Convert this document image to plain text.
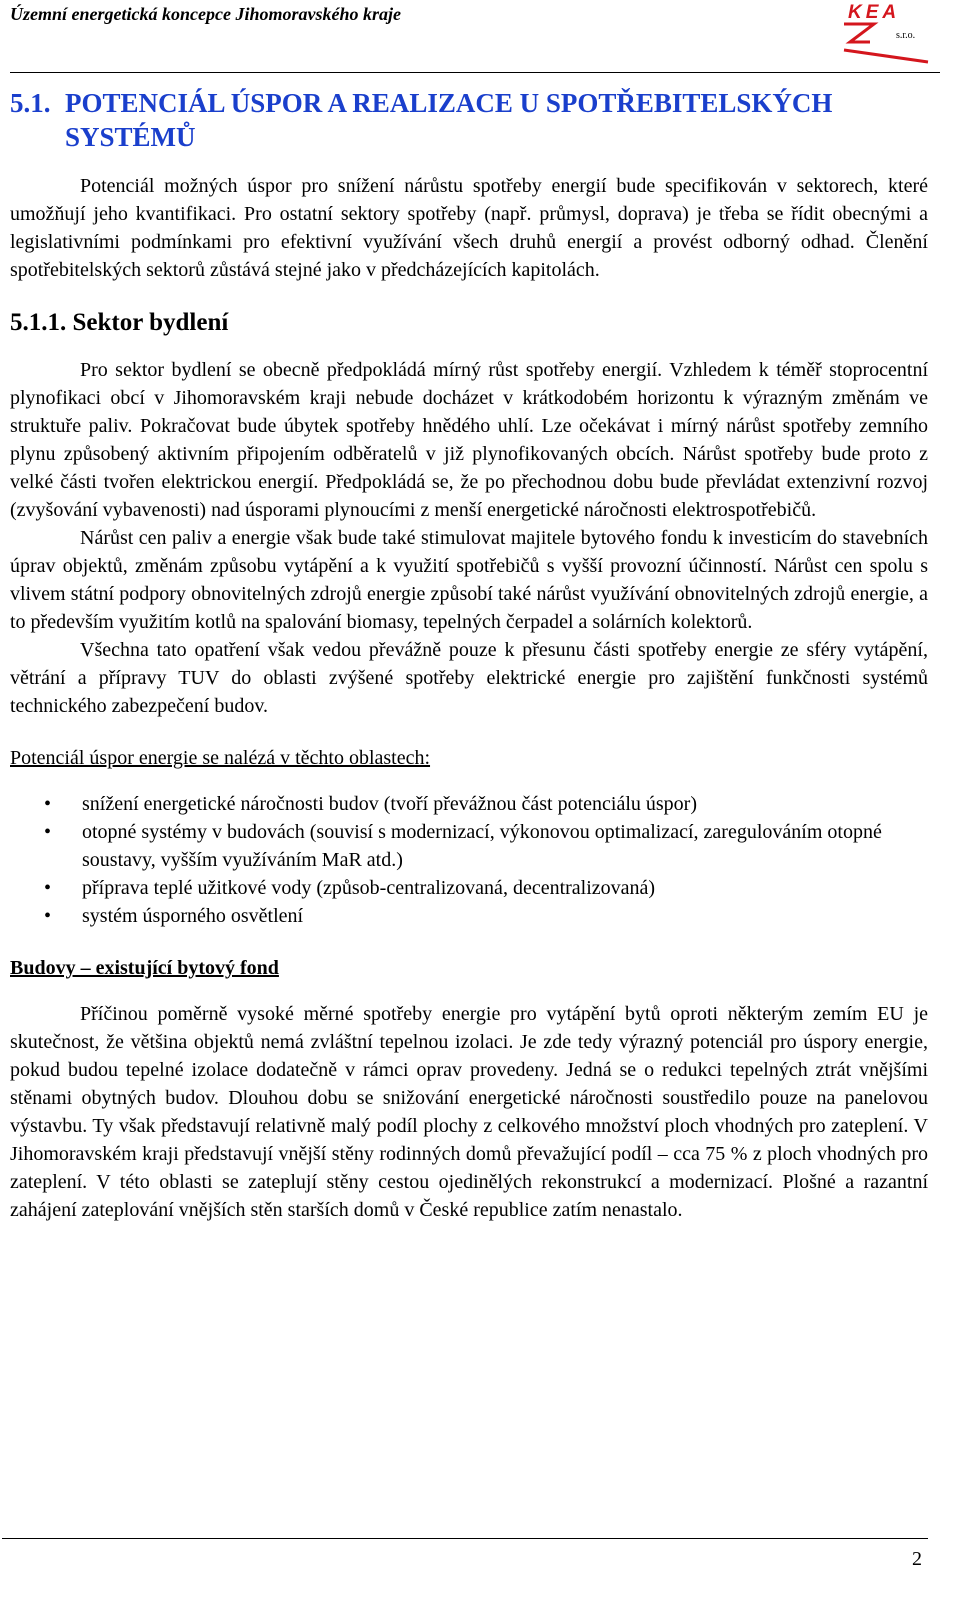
Územní energetická koncepce Jihomoravského kraje	KEA
s.r.o.
5.1. POTENCIÁL ÚSPOR A REALIZACE U SPOTŘEBITELSKÝCH SYSTÉMŮ

Potenciál možných úspor pro snížení nárůstu spotřeby energií bude specifikován v sektorech, které umožňují jeho kvantifikaci. Pro ostatní sektory spotřeby (např. průmysl, doprava) je třeba se řídit obecnými a legislativními podmínkami pro efektivní využívání všech druhů energií a provést odborný odhad. Členění spotřebitelských sektorů zůstává stejné jako v předcházejících kapitolách.

5.1.1. Sektor bydlení

Pro sektor bydlení se obecně předpokládá mírný růst spotřeby energií. Vzhledem k téměř stoprocentní plynofikaci obcí v Jihomoravském kraji nebude docházet v krátkodobém horizontu k výrazným změnám ve struktuře paliv. Pokračovat bude úbytek spotřeby hnědého uhlí. Lze očekávat i mírný nárůst spotřeby zemního plynu způsobený aktivním připojením odběratelů v již plynofikovaných obcích. Nárůst spotřeby bude proto z velké části tvořen elektrickou energií. Předpokládá se, že po přechodnou dobu bude převládat extenzivní rozvoj (zvyšování vybavenosti) nad úsporami plynoucími z menší energetické náročnosti elektrospotřebičů.

Nárůst cen paliv a energie však bude také stimulovat majitele bytového fondu k investicím do stavebních úprav objektů, změnám způsobu vytápění a k využití spotřebičů s vyšší provozní účinností. Nárůst cen spolu s vlivem státní podpory obnovitelných zdrojů energie způsobí také nárůst využívání obnovitelných zdrojů energie, a to především využitím kotlů na spalování biomasy, tepelných čerpadel a solárních kolektorů.

Všechna tato opatření však vedou převážně pouze k přesunu části spotřeby energie ze sféry vytápění, větrání a přípravy TUV do oblasti zvýšené spotřeby elektrické energie pro zajištění funkčnosti systémů technického zabezpečení budov.

Potenciál úspor energie se nalézá v těchto oblastech:
• snížení energetické náročnosti budov (tvoří převážnou část potenciálu úspor)
• otopné systémy v budovách (souvisí s modernizací, výkonovou optimalizací, zaregulováním otopné soustavy, vyšším využíváním MaR atd.)
• příprava teplé užitkové vody (způsob-centralizovaná, decentralizovaná)
• systém úsporného osvětlení
Budovy – existující bytový fond

Příčinou poměrně vysoké měrné spotřeby energie pro vytápění bytů oproti některým zemím EU je skutečnost, že většina objektů nemá zvláštní tepelnou izolaci. Je zde tedy výrazný potenciál pro úspory energie, pokud budou tepelné izolace dodatečně v rámci oprav provedeny. Jedná se o redukci tepelných ztrát vnějšími stěnami obytných budov. Dlouhou dobu se snižování energetické náročnosti soustředilo pouze na panelovou výstavbu. Ty však představují relativně malý podíl plochy z celkového množství ploch vhodných pro zateplení. V Jihomoravském kraji představují vnější stěny rodinných domů převažující podíl – cca 75 % z ploch vhodných pro zateplení. V této oblasti se zateplují stěny cestou ojedinělých rekonstrukcí a modernizací. Plošné a razantní zahájení zateplování vnějších stěn starších domů v České republice zatím nenastalo.

2
